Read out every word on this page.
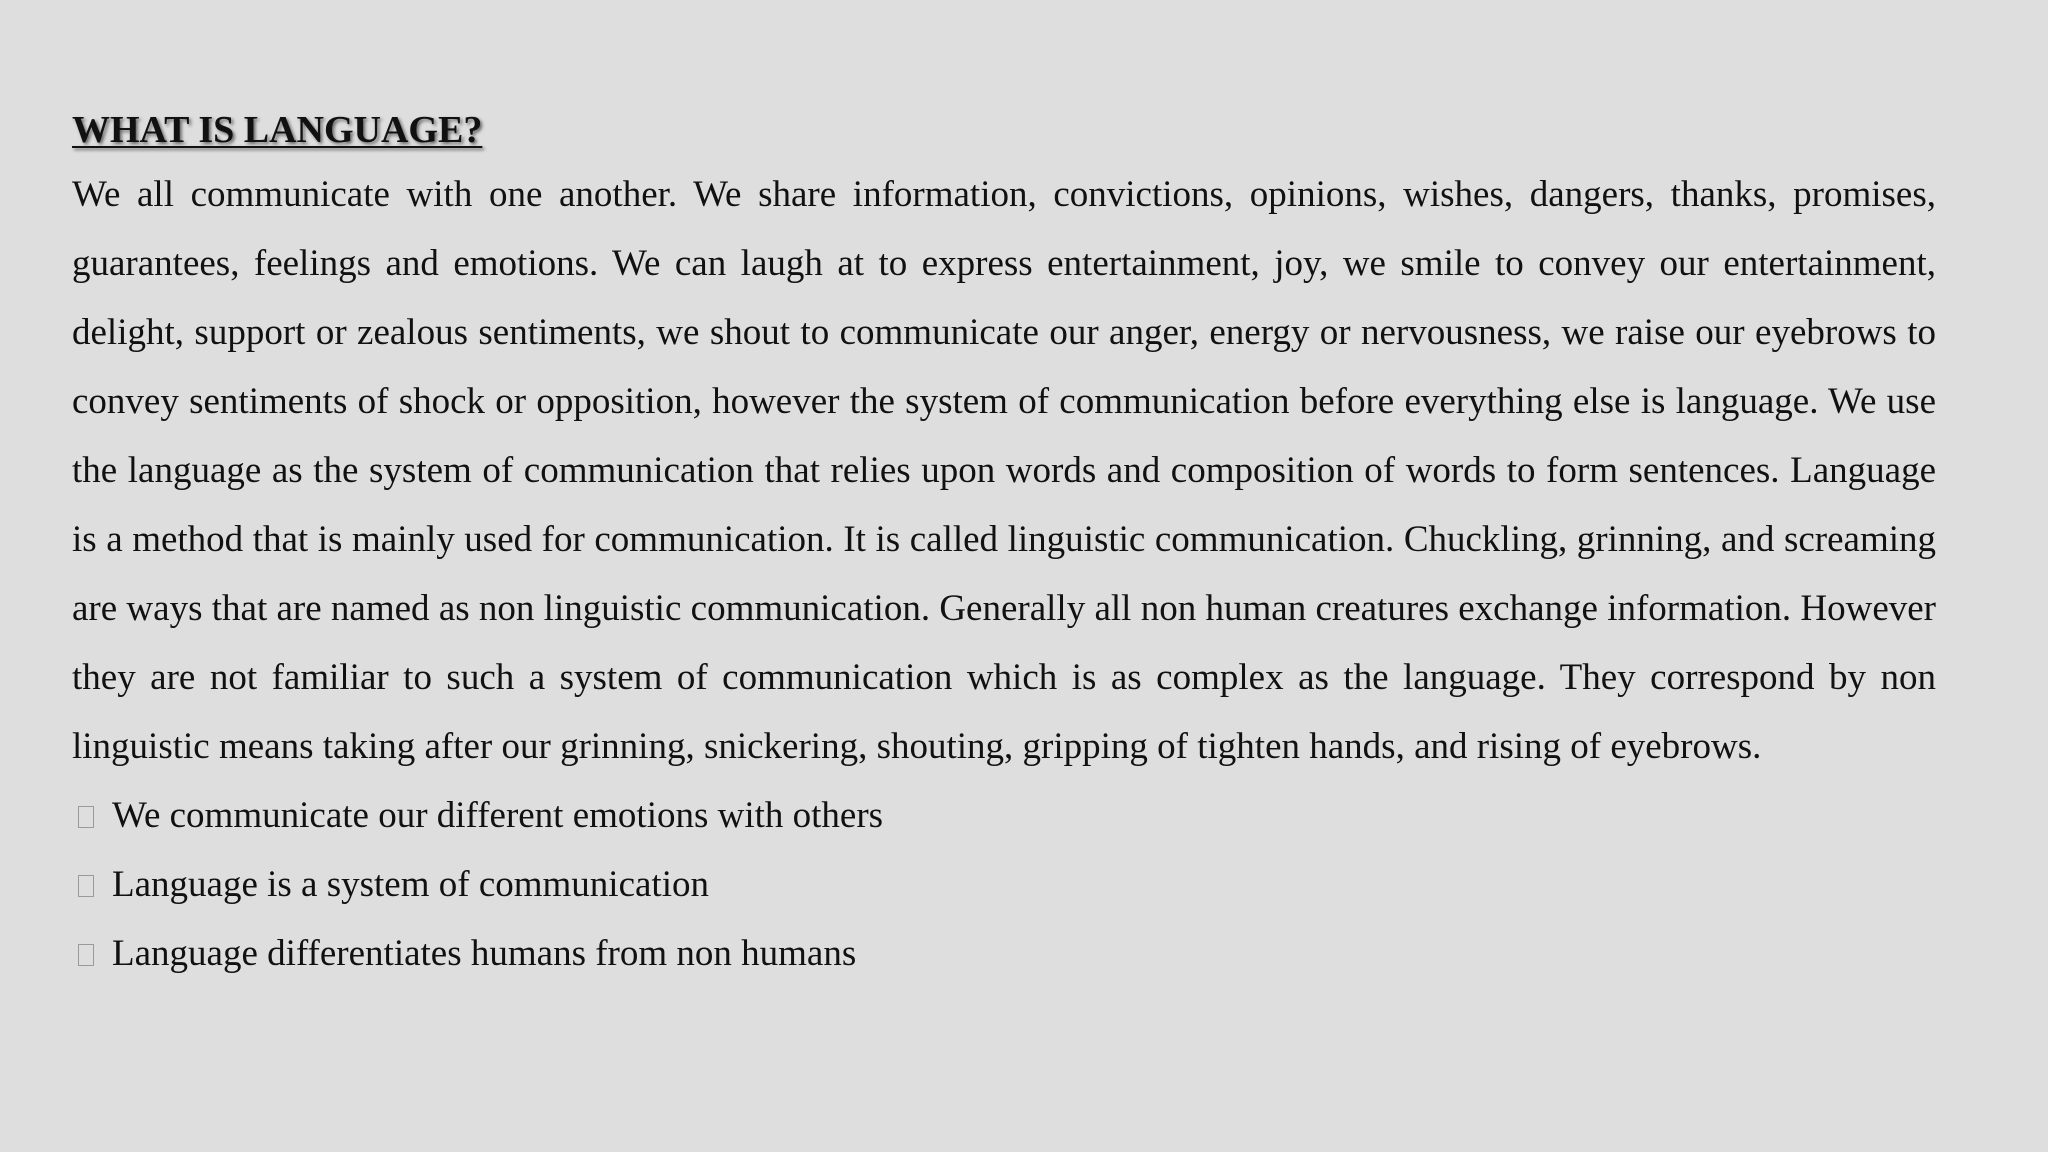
WHAT IS LANGUAGE?

We all communicate with one another. We share information, convictions, opinions, wishes, dangers, thanks, promises, guarantees, feelings and emotions. We can laugh at to express entertainment, joy, we smile to convey our entertainment, delight, support or zealous sentiments, we shout to communicate our anger, energy or nervousness, we raise our eyebrows to convey sentiments of shock or opposition, however the system of communication before everything else is language. We use the language as the system of communication that relies upon words and composition of words to form sentences. Language is a method that is mainly used for communication. It is called linguistic communication. Chuckling, grinning, and screaming are ways that are named as non linguistic communication. Generally all non human creatures exchange information. However they are not familiar to such a system of communication which is as complex as the language. They correspond by non linguistic means taking after our grinning, snickering, shouting, gripping of tighten hands, and rising of eyebrows.

We communicate our different emotions with others
Language is a system of communication
Language differentiates humans from non humans
